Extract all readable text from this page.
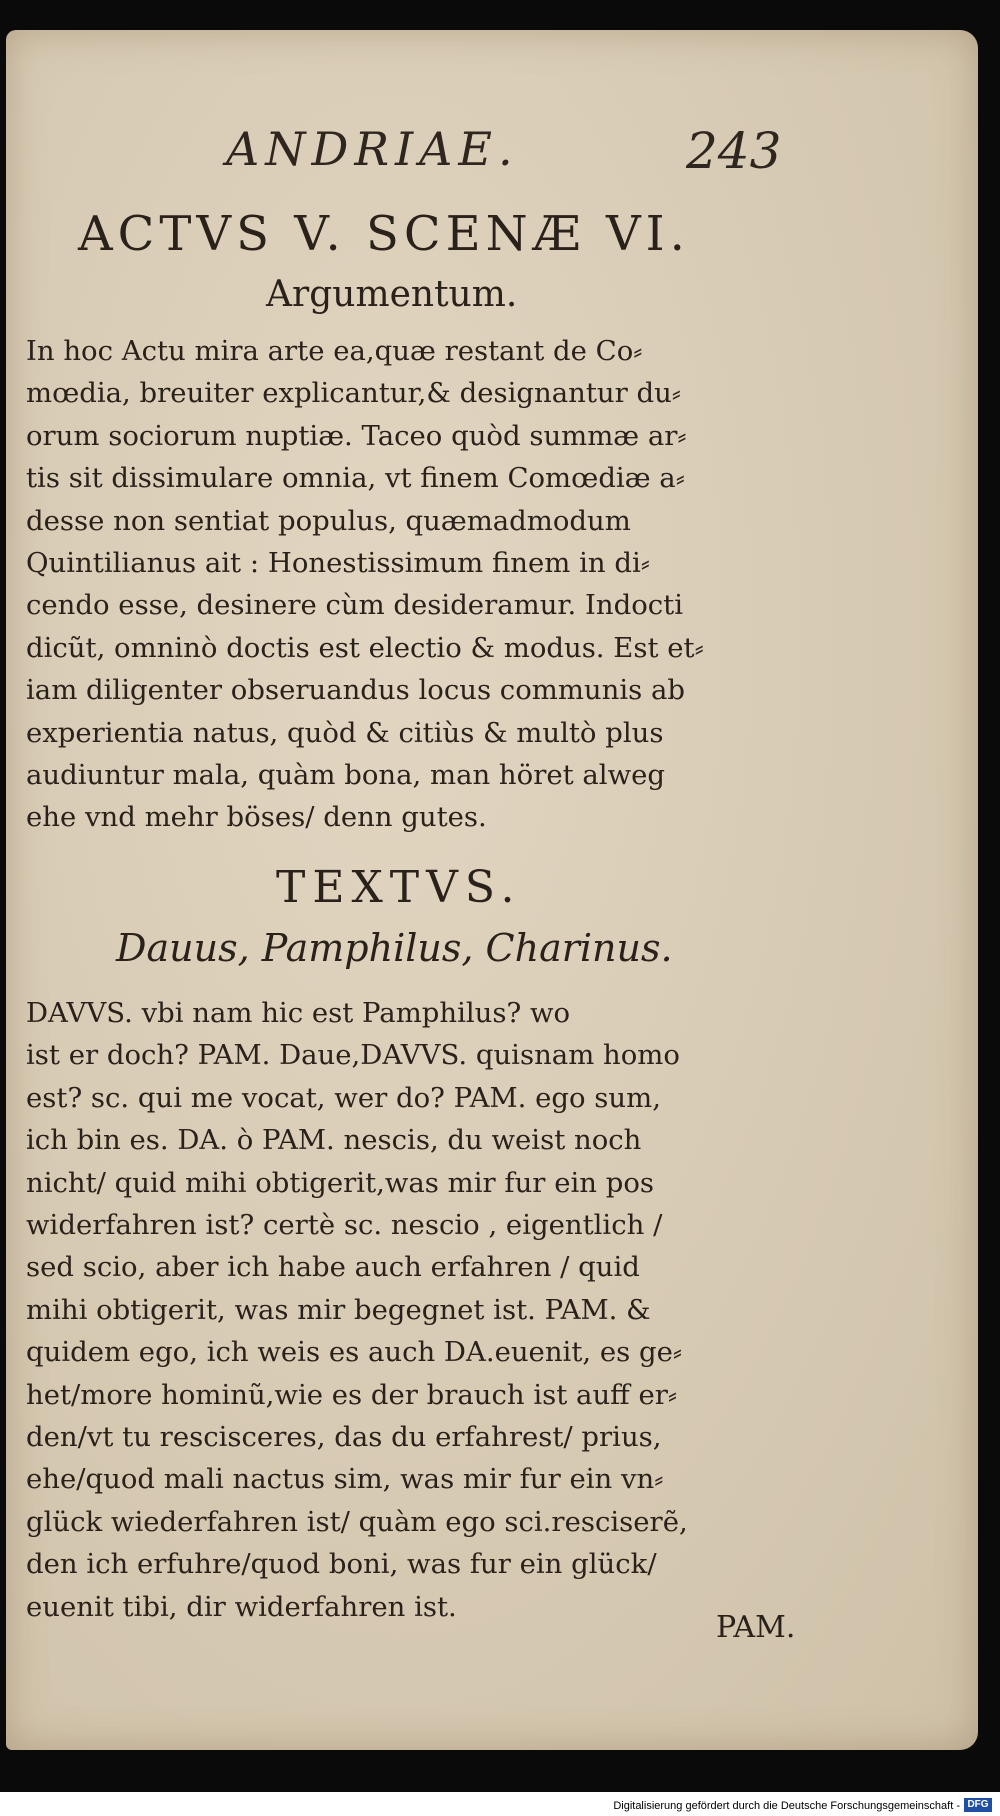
ANDRIAE.	243
ACTVS V. SCENÆ VI.
Argumentum.
In hoc Actu mira arte ea,quæ restant de Co⸗
mœdia, breuiter explicantur,& designantur du⸗
orum sociorum nuptiæ. Taceo quòd summæ ar⸗
tis sit dissimulare omnia, vt finem Comœdiæ a⸗
desse non sentiat populus, quæmadmodum
Quintilianus ait : Honestissimum finem in di⸗
cendo esse, desinere cùm desideramur. Indocti
dicũt, omninò doctis est electio & modus. Est et⸗
iam diligenter obseruandus locus communis ab
experientia natus, quòd & citiùs & multò plus
audiuntur mala, quàm bona, man höret alweg
ehe vnd mehr böses/ denn gutes.
TEXTVS.
Dauus, Pamphilus, Charinus.
DAVVS. vbi nam hic est Pamphilus? wo
ist er doch? PAM. Daue,DAVVS. quisnam homo
est? sc. qui me vocat, wer do? PAM. ego sum,
ich bin es. DA. ò PAM. nescis, du weist noch
nicht/ quid mihi obtigerit,was mir fur ein pos
widerfahren ist? certè sc. nescio , eigentlich /
sed scio, aber ich habe auch erfahren / quid
mihi obtigerit, was mir begegnet ist. PAM. &
quidem ego, ich weis es auch DA.euenit, es ge⸗
het/more hominũ,wie es der brauch ist auff er⸗
den/vt tu rescisceres, das du erfahrest/ prius,
ehe/quod mali nactus sim, was mir fur ein vn⸗
glück wiederfahren ist/ quàm ego sci.resciserẽ,
den ich erfuhre/quod boni, was fur ein glück/
euenit tibi, dir widerfahren ist.
PAM.
Digitalisierung gefördert durch die Deutsche Forschungsgemeinschaft - DFG
